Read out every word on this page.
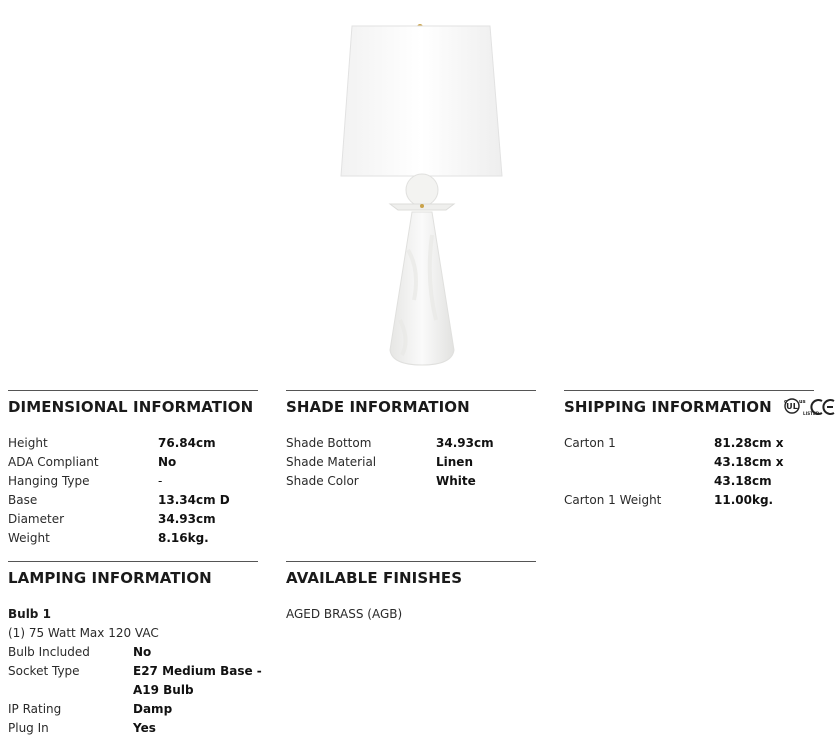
DIMENSIONAL INFORMATION
Height	76.84cm
ADA Compliant	No
Hanging Type	-
Base	13.34cm D
Diameter	34.93cm
Weight	8.16kg.
SHADE INFORMATION
Shade Bottom	34.93cm
Shade Material	Linen
Shade Color	White
SHIPPING INFORMATION UL
LISTED
c us
Carton 1	81.28cm x 43.18cm x 43.18cm
Carton 1 Weight	11.00kg.
LAMPING INFORMATION
Bulb 1
(1) 75 Watt Max 120 VAC
Bulb Included	No
Socket Type	E27 Medium Base - A19 Bulb
IP Rating	Damp
Plug In	Yes
AVAILABLE FINISHES
AGED BRASS (AGB)
